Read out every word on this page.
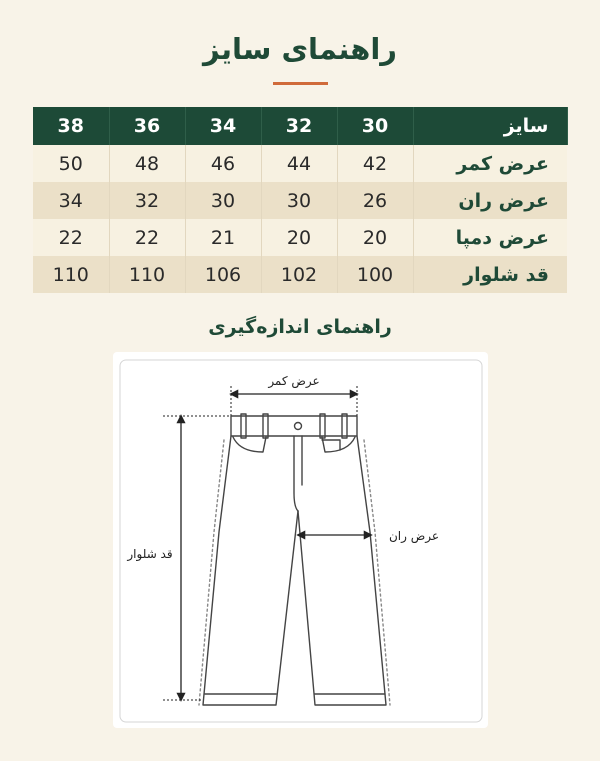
راهنمای سایز
38	36	34	32	30	سایز
50	48	46	44	42	عرض کمر
34	32	30	30	26	عرض ران
22	22	21	20	20	عرض دمپا
110	110	106	102	100	قد شلوار
راهنمای اندازه‌گیری
عرض کمر
عرض ران
قد شلوار
